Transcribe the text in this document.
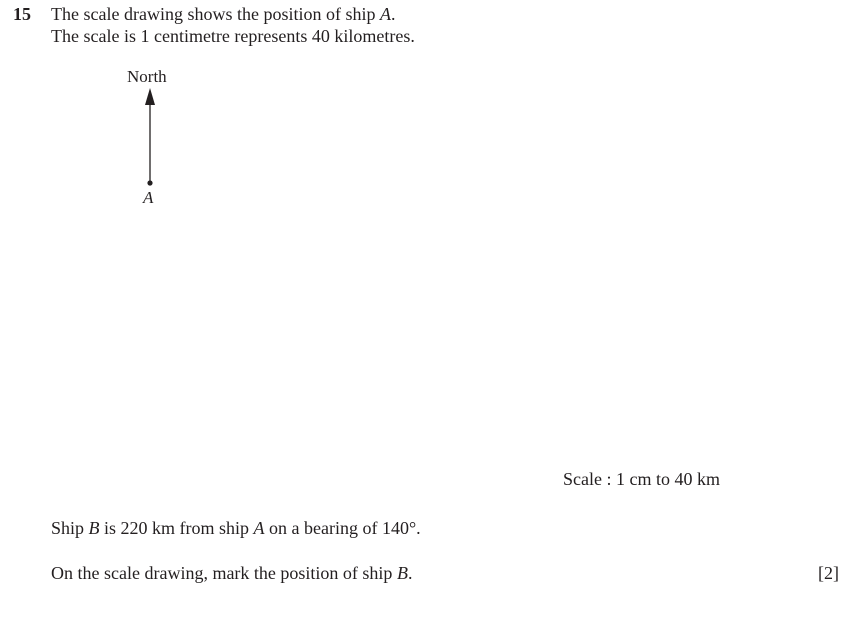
15 The scale drawing shows the position of ship A.
The scale is 1 centimetre represents 40 kilometres.
North
A
Scale : 1 cm to 40 km
Ship B is 220 km from ship A on a bearing of 140°.
On the scale drawing, mark the position of ship B.	[2]
